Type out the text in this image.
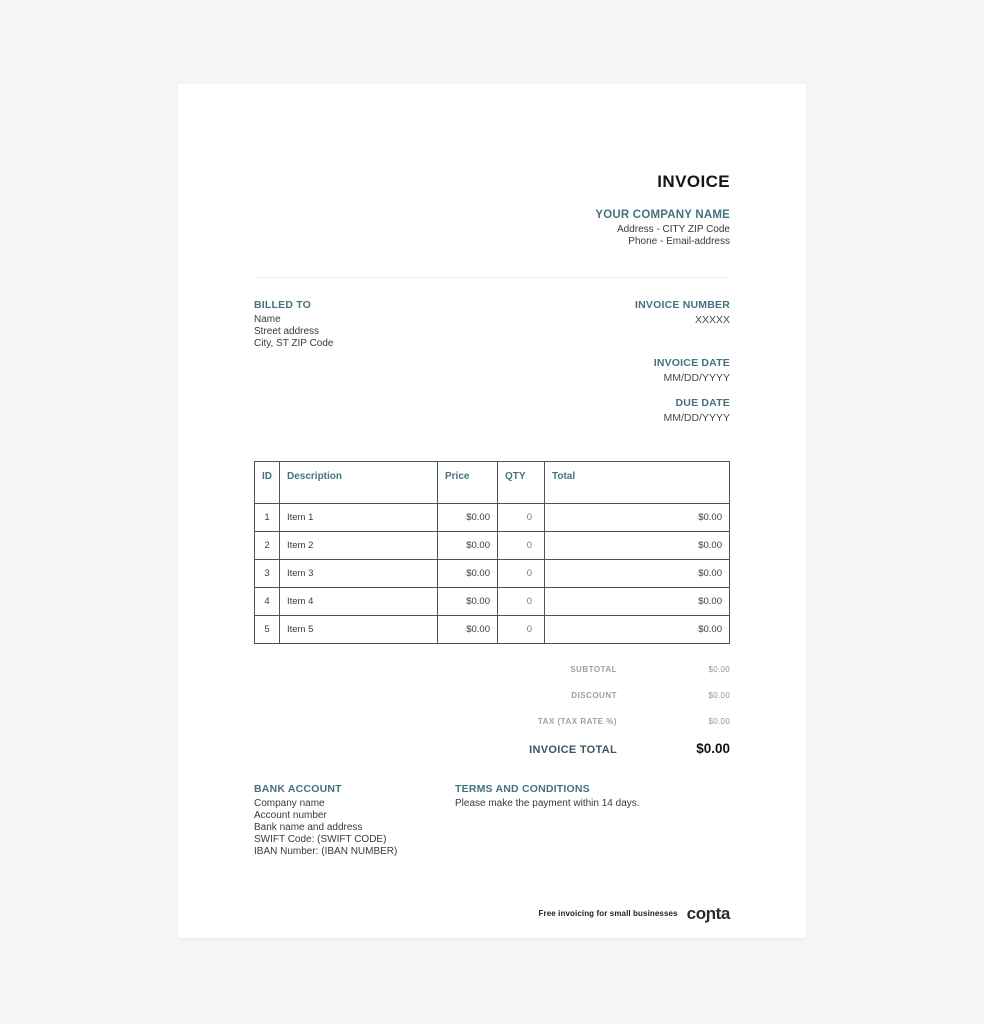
INVOICE
YOUR COMPANY NAME
Address - CITY ZIP Code
Phone - Email-address
BILLED TO
Name
Street address
City, ST ZIP Code
INVOICE NUMBER
XXXXX
INVOICE DATE
MM/DD/YYYY
DUE DATE
MM/DD/YYYY
ID	Description	Price	QTY	Total
1	Item 1	$0.00	0	$0.00
2	Item 2	$0.00	0	$0.00
3	Item 3	$0.00	0	$0.00
4	Item 4	$0.00	0	$0.00
5	Item 5	$0.00	0	$0.00
SUBTOTAL	$0.00
DISCOUNT	$0.00
TAX (TAX RATE %)	$0.00
INVOICE TOTAL	$0.00
BANK ACCOUNT
Company name
Account number
Bank name and address
SWIFT Code: (SWIFT CODE)
IBAN Number: (IBAN NUMBER)
TERMS AND CONDITIONS
Please make the payment within 14 days.
Free invoicing for small businesses coɲta
